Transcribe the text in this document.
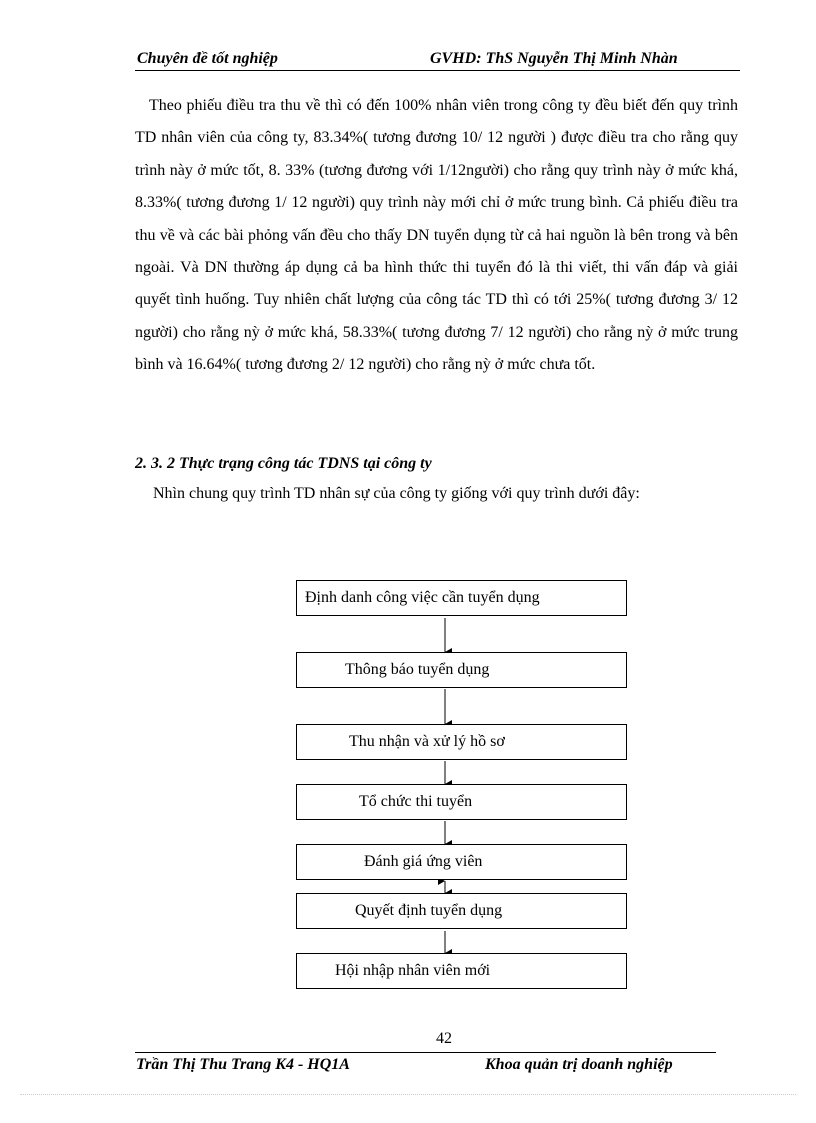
Chuyên đề tốt nghiệp	GVHD: ThS Nguyễn Thị Minh Nhàn

Theo phiếu điều tra thu về thì có đến 100% nhân viên trong công ty đều biết đến quy trình TD nhân viên của công ty, 83.34%( tương đương 10/ 12 người ) được điều tra cho rằng quy trình này ở mức tốt, 8. 33% (tương đương với 1/12người) cho rằng quy trình này ở mức khá, 8.33%( tương đương 1/ 12 người) quy trình này mới chỉ ở mức trung bình. Cả phiếu điều tra thu về và các bài phỏng vấn đều cho thấy DN tuyển dụng từ cả hai nguồn là bên trong và bên ngoài. Và DN thường áp dụng cả ba hình thức thi tuyển đó là thi viết, thi vấn đáp và giải quyết tình huống. Tuy nhiên chất lượng của công tác TD thì có tới 25%( tương đương 3/ 12 người) cho rằng nỳ ở mức khá, 58.33%( tương đương 7/ 12 người) cho rằng nỳ ở mức trung bình và 16.64%( tương đương 2/ 12 người) cho rằng nỳ ở mức chưa tốt.

2. 3. 2 Thực trạng công tác TDNS tại công ty

Nhìn chung quy trình TD nhân sự của công ty giống với quy trình dưới đây:

Định danh công việc cần tuyển dụng
Thông báo tuyển dụng
Thu nhận và xử lý hồ sơ
Tổ chức thi tuyển
Đánh giá ứng viên
Quyết định tuyển dụng
Hội nhập nhân viên mới
42
Trần Thị Thu Trang K4 - HQ1A	Khoa quản trị doanh nghiệp
